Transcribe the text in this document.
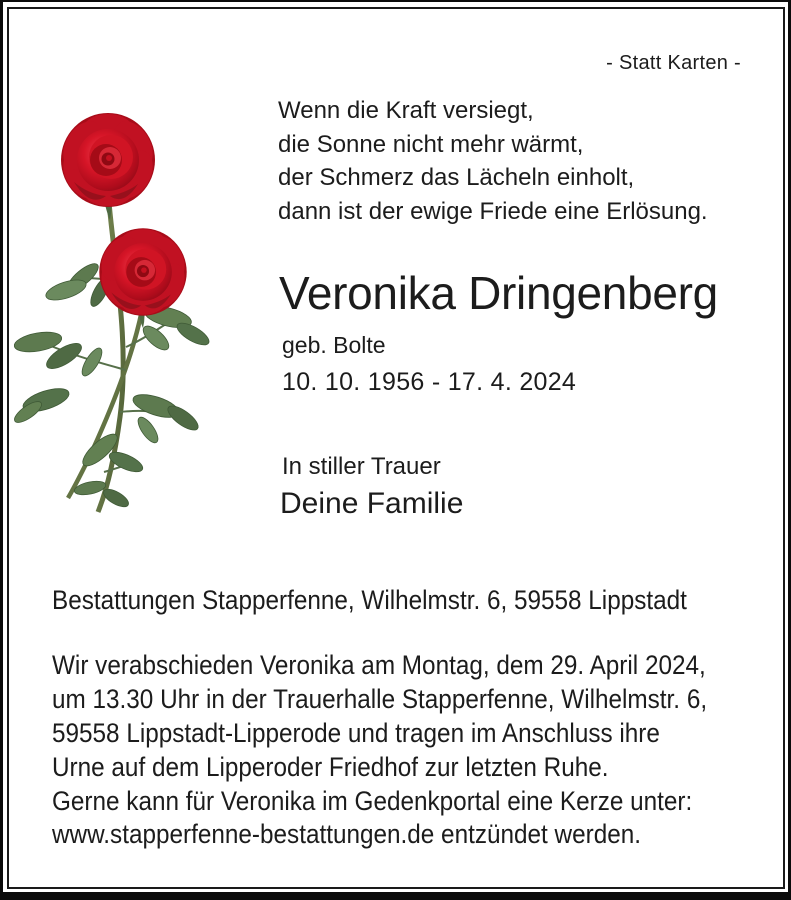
- Statt Karten -
Wenn die Kraft versiegt,
die Sonne nicht mehr wärmt,
der Schmerz das Lächeln einholt,
dann ist der ewige Friede eine Erlösung.
Veronika Dringenberg
geb. Bolte
10. 10. 1956 - 17. 4. 2024
In stiller Trauer
Deine Familie
Bestattungen Stapperfenne, Wilhelmstr. 6, 59558 Lippstadt
Wir verabschieden Veronika am Montag, dem 29. April 2024,
um 13.30 Uhr in der Trauerhalle Stapperfenne, Wilhelmstr. 6,
59558 Lippstadt-Lipperode und tragen im Anschluss ihre
Urne auf dem Lipperoder Friedhof zur letzten Ruhe.
Gerne kann für Veronika im Gedenkportal eine Kerze unter:
www.stapperfenne-bestattungen.de entzündet werden.
